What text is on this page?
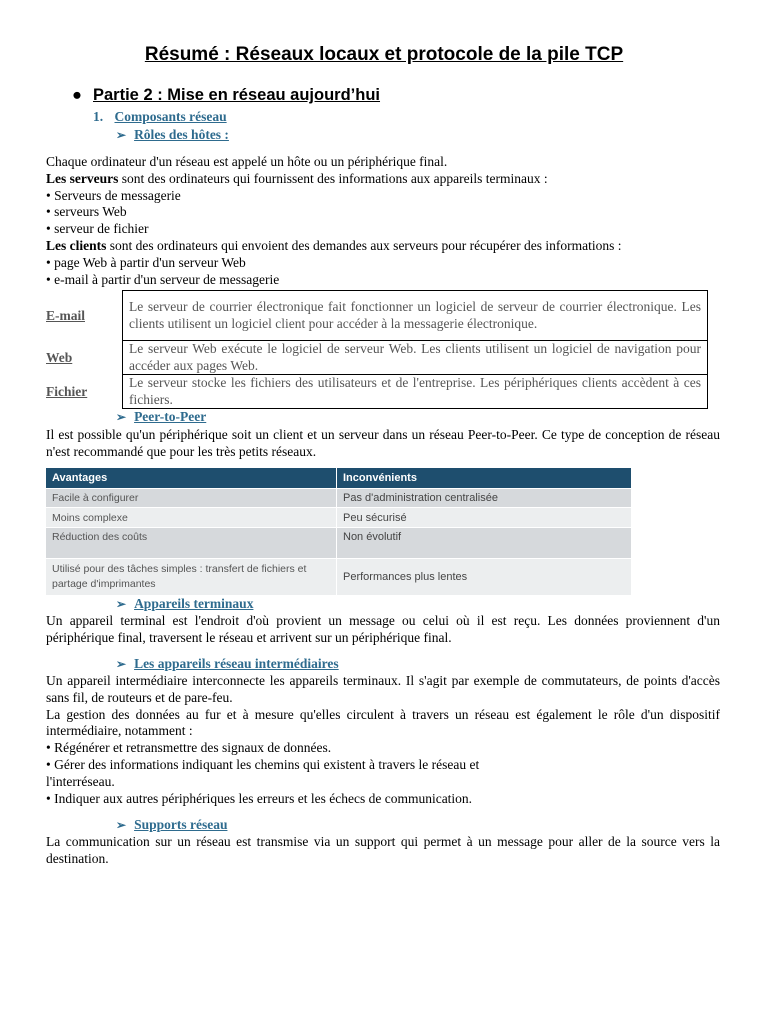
Résumé : Réseaux locaux et protocole de la pile TCP

● Partie 2 : Mise en réseau aujourd’hui

1. Composants réseau

➢ Rôles des hôtes :

Chaque ordinateur d'un réseau est appelé un hôte ou un périphérique final.

Les serveurs sont des ordinateurs qui fournissent des informations aux appareils terminaux :

• Serveurs de messagerie

• serveurs Web

• serveur de fichier

Les clients sont des ordinateurs qui envoient des demandes aux serveurs pour récupérer des informations :

• page Web à partir d'un serveur Web

• e-mail à partir d'un serveur de messagerie

E-mail	Le serveur de courrier électronique fait fonctionner un logiciel de serveur de courrier électronique. Les clients utilisent un logiciel client pour accéder à la messagerie électronique.
Web	Le serveur Web exécute le logiciel de serveur Web. Les clients utilisent un logiciel de navigation pour accéder aux pages Web.
Fichier	Le serveur stocke les fichiers des utilisateurs et de l'entreprise. Les périphériques clients accèdent à ces fichiers.

➢ Peer-to-Peer

Il est possible qu'un périphérique soit un client et un serveur dans un réseau Peer-to-Peer. Ce type de conception de réseau n'est recommandé que pour les très petits réseaux.

Avantages	Inconvénients
Facile à configurer	Pas d'administration centralisée
Moins complexe	Peu sécurisé
Réduction des coûts	Non évolutif
Utilisé pour des tâches simples : transfert de fichiers et partage d'imprimantes	Performances plus lentes

➢ Appareils terminaux

Un appareil terminal est l'endroit d'où provient un message ou celui où il est reçu. Les données proviennent d'un périphérique final, traversent le réseau et arrivent sur un périphérique final.

➢ Les appareils réseau intermédiaires

Un appareil intermédiaire interconnecte les appareils terminaux. Il s'agit par exemple de commutateurs, de points d'accès sans fil, de routeurs et de pare-feu.

La gestion des données au fur et à mesure qu'elles circulent à travers un réseau est également le rôle d'un dispositif intermédiaire, notamment :

• Régénérer et retransmettre des signaux de données.

• Gérer des informations indiquant les chemins qui existent à travers le réseau et

l'interréseau.

• Indiquer aux autres périphériques les erreurs et les échecs de communication.

➢ Supports réseau

La communication sur un réseau est transmise via un support qui permet à un message pour aller de la source vers la destination.
